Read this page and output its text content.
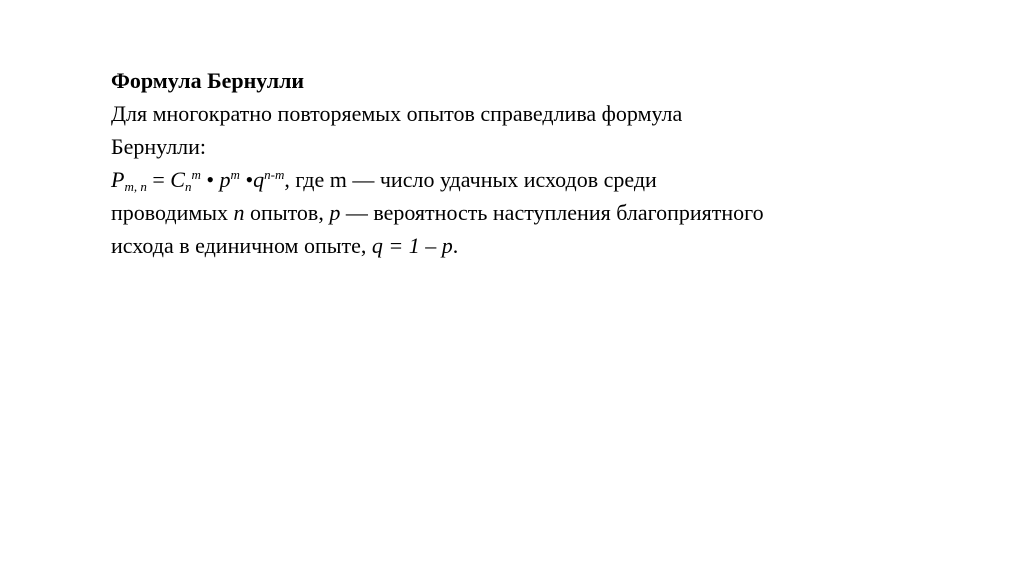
Формула Бернулли

Для многократно повторяемых опытов справедлива формула

Бернулли:

$P_{m, n} = C_n^m$ • $p^m$ $•q^{n-m}$, где m — число удачных исходов среди

проводимых n опытов, p — вероятность наступления благоприятного

исхода в единичном опыте, q = 1 – p.
